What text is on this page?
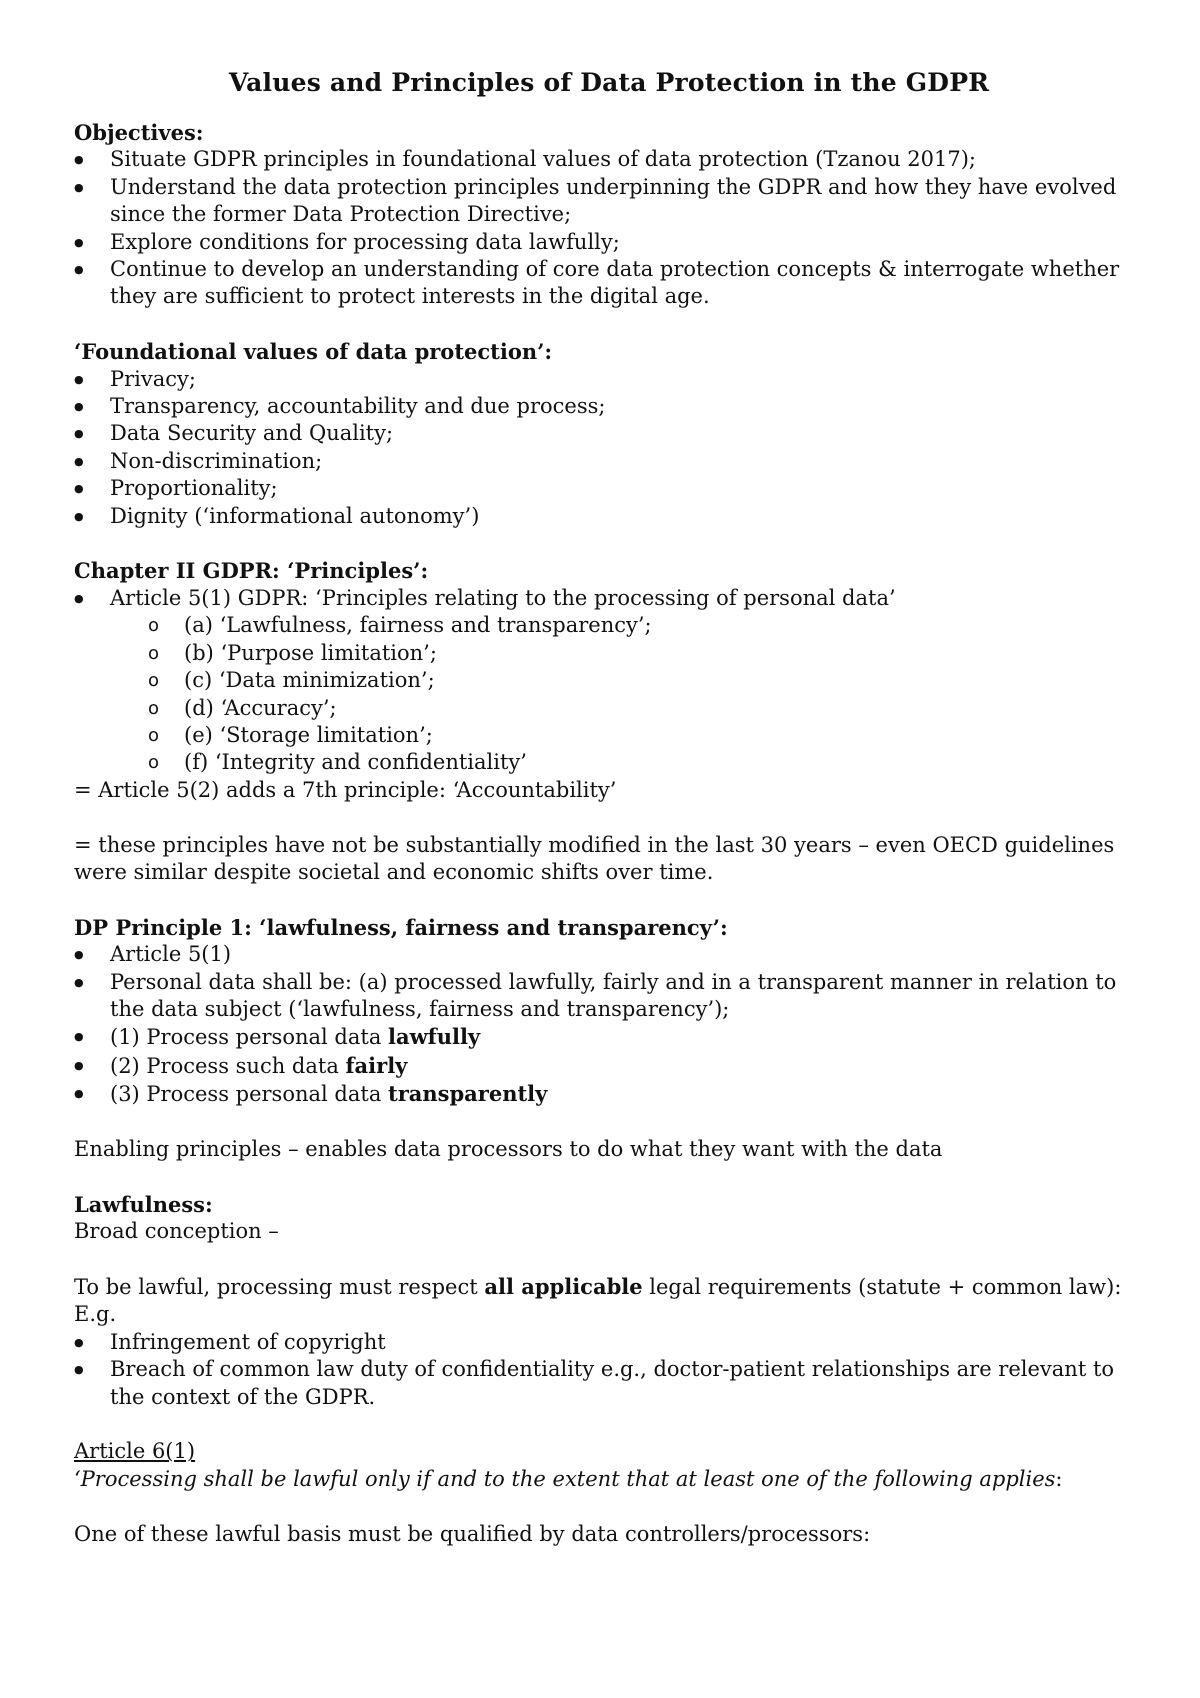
Values and Principles of Data Protection in the GDPR

Objectives:

● Situate GDPR principles in foundational values of data protection (Tzanou 2017);
● Understand the data protection principles underpinning the GDPR and how they have evolved since the former Data Protection Directive;
● Explore conditions for processing data lawfully;
● Continue to develop an understanding of core data protection concepts & interrogate whether they are sufficient to protect interests in the digital age.

‘Foundational values of data protection’:

● Privacy;
● Transparency, accountability and due process;
● Data Security and Quality;
● Non-discrimination;
● Proportionality;
● Dignity (‘informational autonomy’)

Chapter II GDPR: ‘Principles’:

● Article 5(1) GDPR: ‘Principles relating to the processing of personal data’
o (a) ‘Lawfulness, fairness and transparency’;
o (b) ‘Purpose limitation’;
o (c) ‘Data minimization’;
o (d) ‘Accuracy’;
o (e) ‘Storage limitation’;
o (f) ‘Integrity and confidentiality’

= Article 5(2) adds a 7th principle: ‘Accountability’

= these principles have not be substantially modified in the last 30 years – even OECD guidelines were similar despite societal and economic shifts over time.

DP Principle 1: ‘lawfulness, fairness and transparency’:

● Article 5(1)
● Personal data shall be: (a) processed lawfully, fairly and in a transparent manner in relation to the data subject (‘lawfulness, fairness and transparency’);
● (1) Process personal data lawfully
● (2) Process such data fairly
● (3) Process personal data transparently

Enabling principles – enables data processors to do what they want with the data

Lawfulness:

Broad conception –

To be lawful, processing must respect all applicable legal requirements (statute + common law):

E.g.

● Infringement of copyright
● Breach of common law duty of confidentiality e.g., doctor-patient relationships are relevant to the context of the GDPR.

Article 6(1)

‘Processing shall be lawful only if and to the extent that at least one of the following applies:

One of these lawful basis must be qualified by data controllers/processors:
